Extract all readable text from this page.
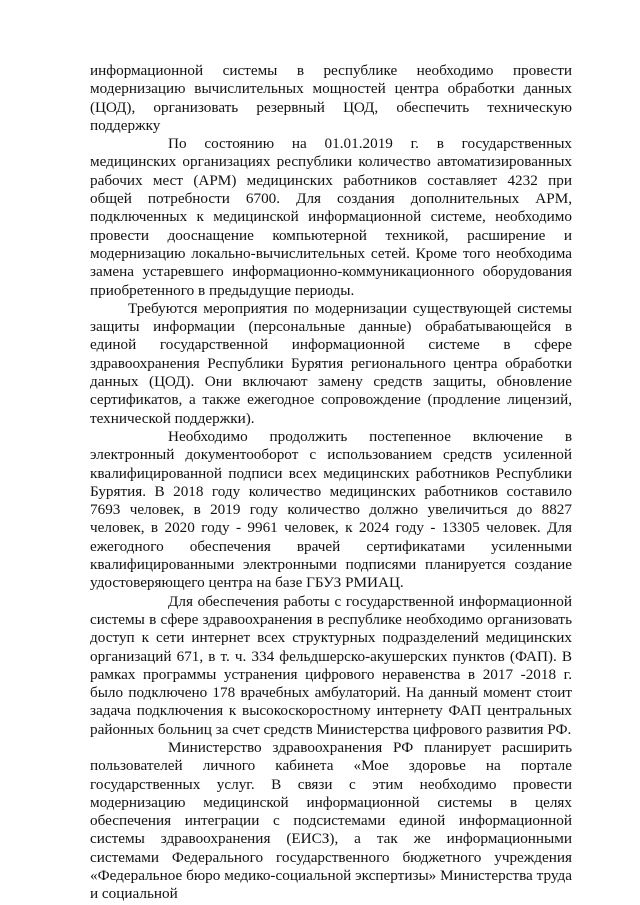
информационной системы в республике необходимо провести модернизацию вычислительных мощностей центра обработки данных (ЦОД), организовать резервный ЦОД, обеспечить техническую поддержку

По состоянию на 01.01.2019 г. в государственных медицинских организациях республики количество автоматизированных рабочих мест (АРМ) медицинских работников составляет 4232 при общей потребности 6700. Для создания дополнительных АРМ, подключенных к медицинской информационной системе, необходимо провести дооснащение компьютерной техникой, расширение и модернизацию локально-вычислительных сетей. Кроме того необходима замена устаревшего информационно-коммуникационного оборудования приобретенного в предыдущие периоды.

Требуются мероприятия по модернизации существующей системы защиты информации (персональные данные) обрабатывающейся в единой государственной информационной системе в сфере здравоохранения Республики Бурятия регионального центра обработки данных (ЦОД). Они включают замену средств защиты, обновление сертификатов, а также ежегодное сопровождение (продление лицензий, технической поддержки).

Необходимо продолжить постепенное включение в электронный документооборот с использованием средств усиленной квалифицированной подписи всех медицинских работников Республики Бурятия. В 2018 году количество медицинских работников составило 7693 человек, в 2019 году количество должно увеличиться до 8827 человек, в 2020 году - 9961 человек, к 2024 году - 13305 человек. Для ежегодного обеспечения врачей сертификатами усиленными квалифицированными электронными подписями планируется создание удостоверяющего центра на базе ГБУЗ РМИАЦ.

Для обеспечения работы с государственной информационной системы в сфере здравоохранения в республике необходимо организовать доступ к сети интернет всех структурных подразделений медицинских организаций 671, в т. ч. 334 фельдшерско-акушерских пунктов (ФАП). В рамках программы устранения цифрового неравенства в 2017 -2018 г. было подключено 178 врачебных амбулаторий. На данный момент стоит задача подключения к высокоскоростному интернету ФАП центральных районных больниц за счет средств Министерства цифрового развития РФ.

Министерство здравоохранения РФ планирует расширить пользователей личного кабинета «Мое здоровье на портале государственных услуг. В связи с этим необходимо провести модернизацию медицинской информационной системы в целях обеспечения интеграции с подсистемами единой информационной системы здравоохранения (ЕИСЗ), а так же информационными системами Федерального государственного бюджетного учреждения «Федеральное бюро медико-социальной экспертизы» Министерства труда и социальной
